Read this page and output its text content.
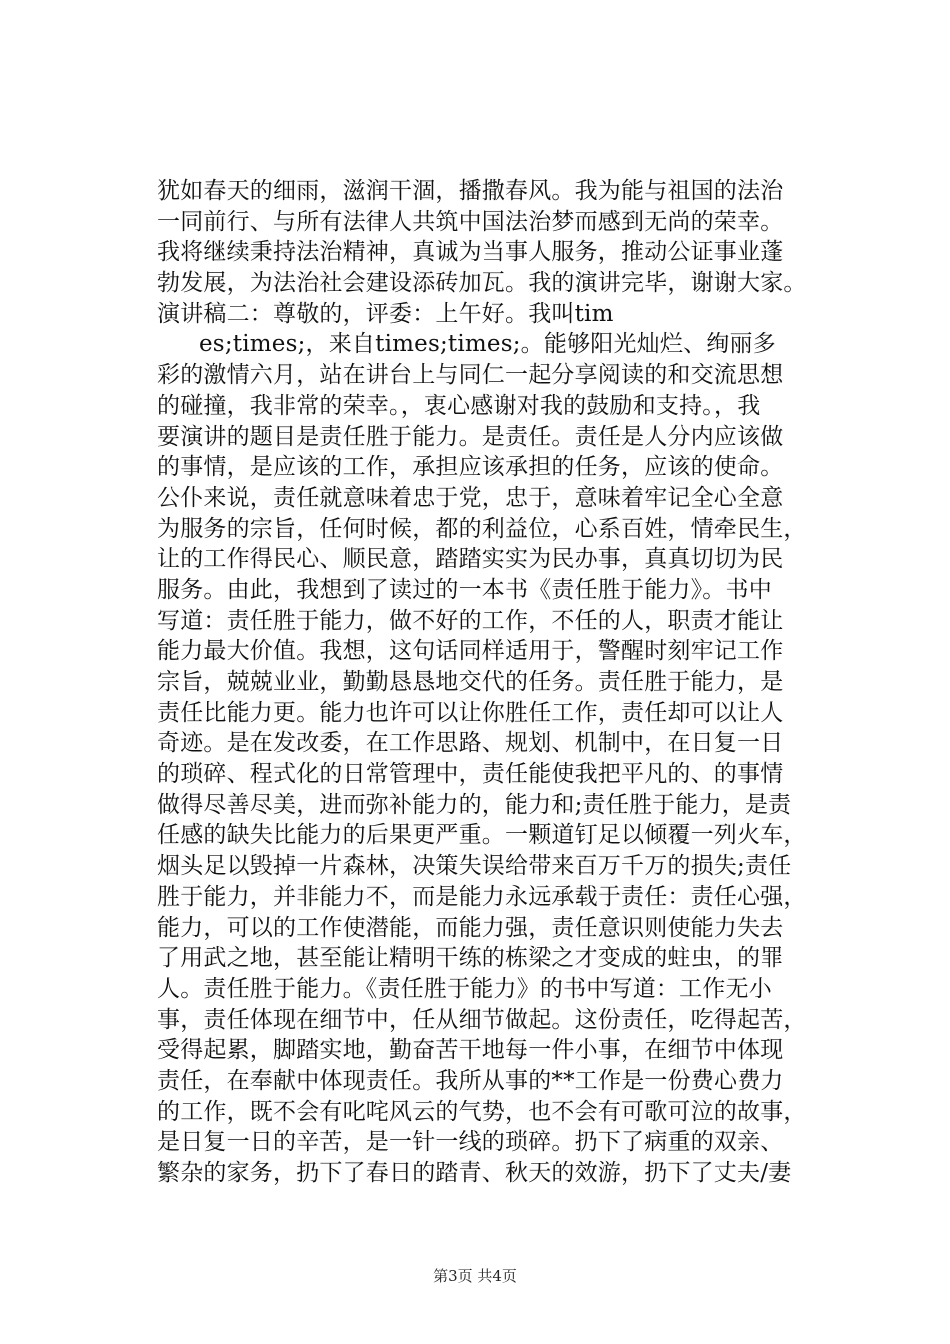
犹如春天的细雨，滋润干涸，播撒春风。我为能与祖国的法治
一同前行、与所有法律人共筑中国法治梦而感到无尚的荣幸。
我将继续秉持法治精神，真诚为当事人服务，推动公证事业蓬
勃发展，为法治社会建设添砖加瓦。我的演讲完毕，谢谢大家。
演讲稿二：尊敬的，评委：上午好。我叫tim
es;times;，来自times;times;。能够阳光灿烂、绚丽多
彩的激情六月，站在讲台上与同仁一起分享阅读的和交流思想
的碰撞，我非常的荣幸。，衷心感谢对我的鼓励和支持。，我
要演讲的题目是责任胜于能力。是责任。责任是人分内应该做
的事情，是应该的工作，承担应该承担的任务，应该的使命。
公仆来说，责任就意味着忠于党，忠于，意味着牢记全心全意
为服务的宗旨，任何时候，都的利益位，心系百姓，情牵民生，
让的工作得民心、顺民意，踏踏实实为民办事，真真切切为民
服务。由此，我想到了读过的一本书《责任胜于能力》。书中
写道：责任胜于能力，做不好的工作，不任的人，职责才能让
能力最大价值。我想，这句话同样适用于，警醒时刻牢记工作
宗旨，兢兢业业，勤勤恳恳地交代的任务。责任胜于能力，是
责任比能力更。能力也许可以让你胜任工作，责任却可以让人
奇迹。是在发改委，在工作思路、规划、机制中，在日复一日
的琐碎、程式化的日常管理中，责任能使我把平凡的、的事情
做得尽善尽美，进而弥补能力的，能力和;责任胜于能力，是责
任感的缺失比能力的后果更严重。一颗道钉足以倾覆一列火车，
烟头足以毁掉一片森林，决策失误给带来百万千万的损失;责任
胜于能力，并非能力不，而是能力永远承载于责任：责任心强，
能力，可以的工作使潜能，而能力强，责任意识则使能力失去
了用武之地，甚至能让精明干练的栋梁之才变成的蛀虫，的罪
人。责任胜于能力。《责任胜于能力》的书中写道：工作无小
事，责任体现在细节中，任从细节做起。这份责任，吃得起苦，
受得起累，脚踏实地，勤奋苦干地每一件小事，在细节中体现
责任，在奉献中体现责任。我所从事的**工作是一份费心费力
的工作，既不会有叱咤风云的气势，也不会有可歌可泣的故事，
是日复一日的辛苦，是一针一线的琐碎。扔下了病重的双亲、
繁杂的家务，扔下了春日的踏青、秋天的效游，扔下了丈夫/妻
第3页 共4页
